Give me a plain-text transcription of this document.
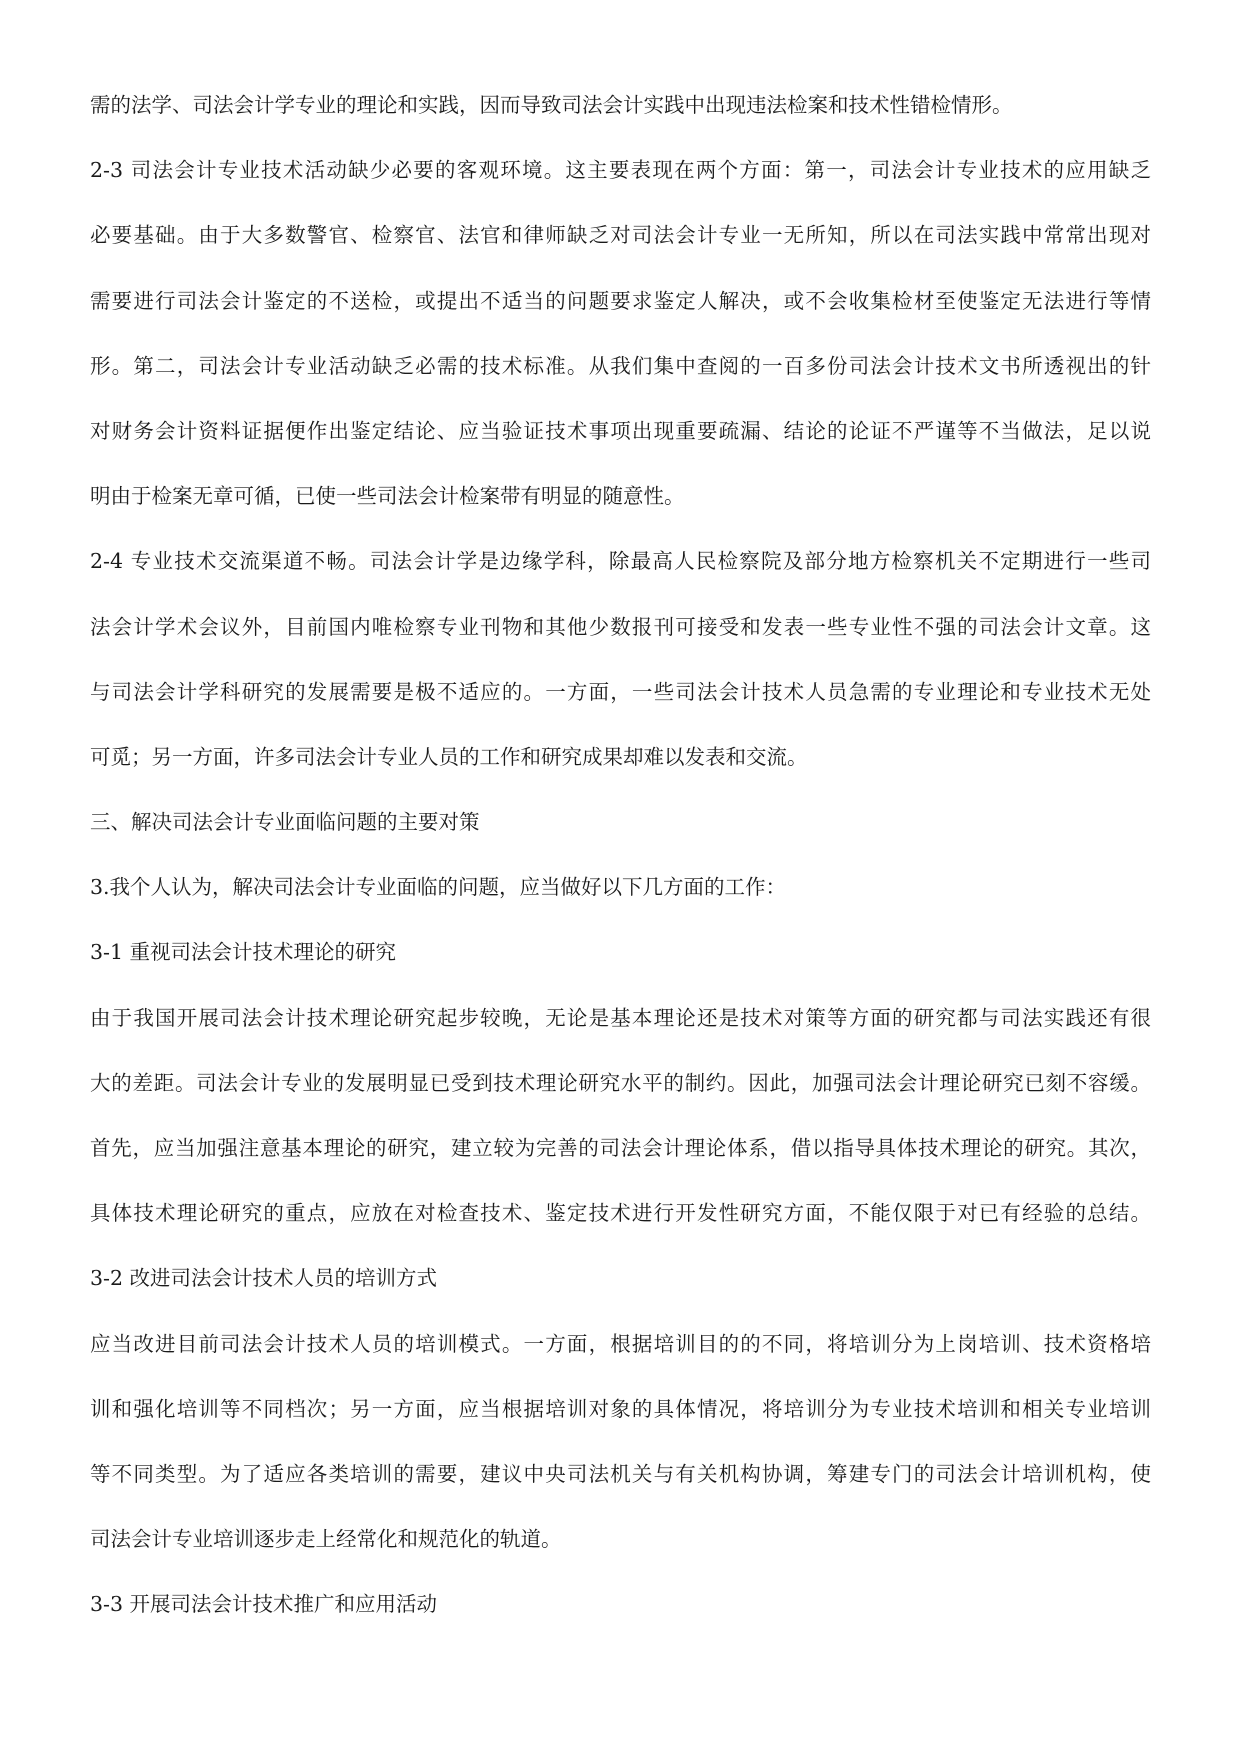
需的法学、司法会计学专业的理论和实践，因而导致司法会计实践中出现违法检案和技术性错检情形。
2-3 司法会计专业技术活动缺少必要的客观环境。这主要表现在两个方面：第一，司法会计专业技术的应用缺乏
必要基础。由于大多数警官、检察官、法官和律师缺乏对司法会计专业一无所知，所以在司法实践中常常出现对
需要进行司法会计鉴定的不送检，或提出不适当的问题要求鉴定人解决，或不会收集检材至使鉴定无法进行等情
形。第二，司法会计专业活动缺乏必需的技术标准。从我们集中查阅的一百多份司法会计技术文书所透视出的针
对财务会计资料证据便作出鉴定结论、应当验证技术事项出现重要疏漏、结论的论证不严谨等不当做法，足以说
明由于检案无章可循，已使一些司法会计检案带有明显的随意性。
2-4 专业技术交流渠道不畅。司法会计学是边缘学科，除最高人民检察院及部分地方检察机关不定期进行一些司
法会计学术会议外，目前国内唯检察专业刊物和其他少数报刊可接受和发表一些专业性不强的司法会计文章。这
与司法会计学科研究的发展需要是极不适应的。一方面，一些司法会计技术人员急需的专业理论和专业技术无处
可觅；另一方面，许多司法会计专业人员的工作和研究成果却难以发表和交流。
三、解决司法会计专业面临问题的主要对策
3.我个人认为，解决司法会计专业面临的问题，应当做好以下几方面的工作：
3-1 重视司法会计技术理论的研究
由于我国开展司法会计技术理论研究起步较晚，无论是基本理论还是技术对策等方面的研究都与司法实践还有很
大的差距。司法会计专业的发展明显已受到技术理论研究水平的制约。因此，加强司法会计理论研究已刻不容缓。
首先，应当加强注意基本理论的研究，建立较为完善的司法会计理论体系，借以指导具体技术理论的研究。其次，
具体技术理论研究的重点，应放在对检查技术、鉴定技术进行开发性研究方面，不能仅限于对已有经验的总结。
3-2 改进司法会计技术人员的培训方式
应当改进目前司法会计技术人员的培训模式。一方面，根据培训目的的不同，将培训分为上岗培训、技术资格培
训和强化培训等不同档次；另一方面，应当根据培训对象的具体情况，将培训分为专业技术培训和相关专业培训
等不同类型。为了适应各类培训的需要，建议中央司法机关与有关机构协调，筹建专门的司法会计培训机构，使
司法会计专业培训逐步走上经常化和规范化的轨道。
3-3 开展司法会计技术推广和应用活动
